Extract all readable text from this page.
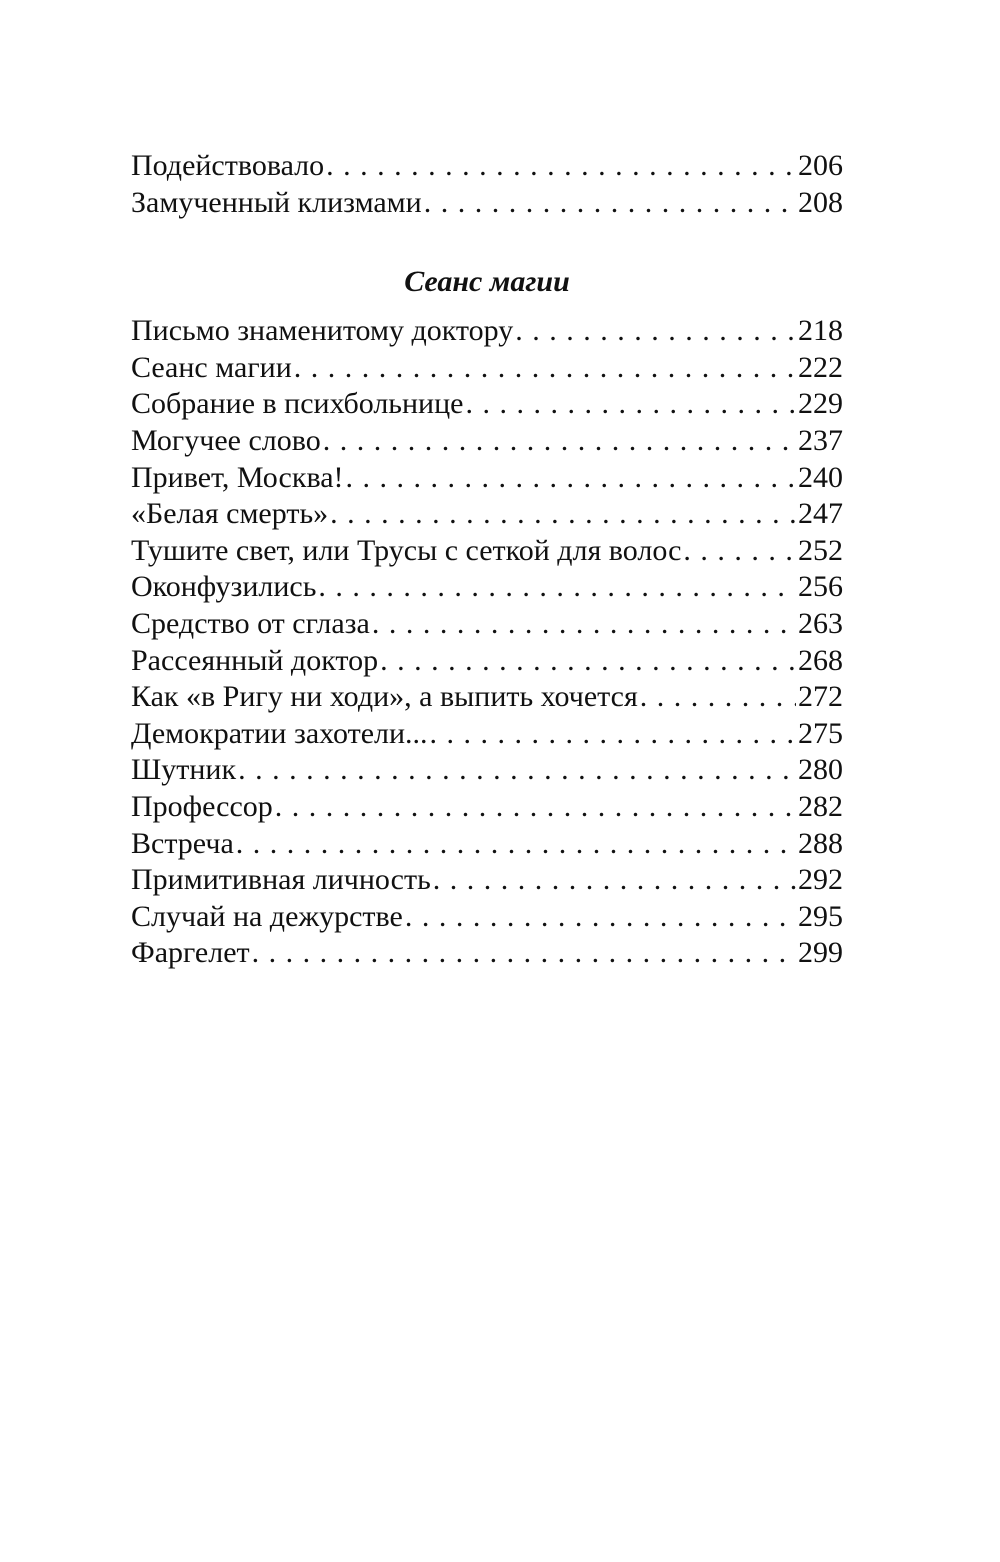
Подействовало . . .	206
Замученный клизмами . . .	208
Сеанс магии
Письмо знаменитому доктору . . .	218
Сеанс магии . . .	222
Собрание в психбольнице . . .	229
Могучее слово . . .	237
Привет, Москва! . . .	240
«Белая смерть» . . .	247
Тушите свет, или Трусы с сеткой для волос . . .	252
Оконфузились . . .	256
Средство от сглаза . . .	263
Рассеянный доктор . . .	268
Как «в Ригу ни ходи», а выпить хочется . . .	272
Демократии захотели... . . .	275
Шутник . . .	280
Профессор . . .	282
Встреча . . .	288
Примитивная личность . . .	292
Случай на дежурстве . . .	295
Фаргелет . . .	299
